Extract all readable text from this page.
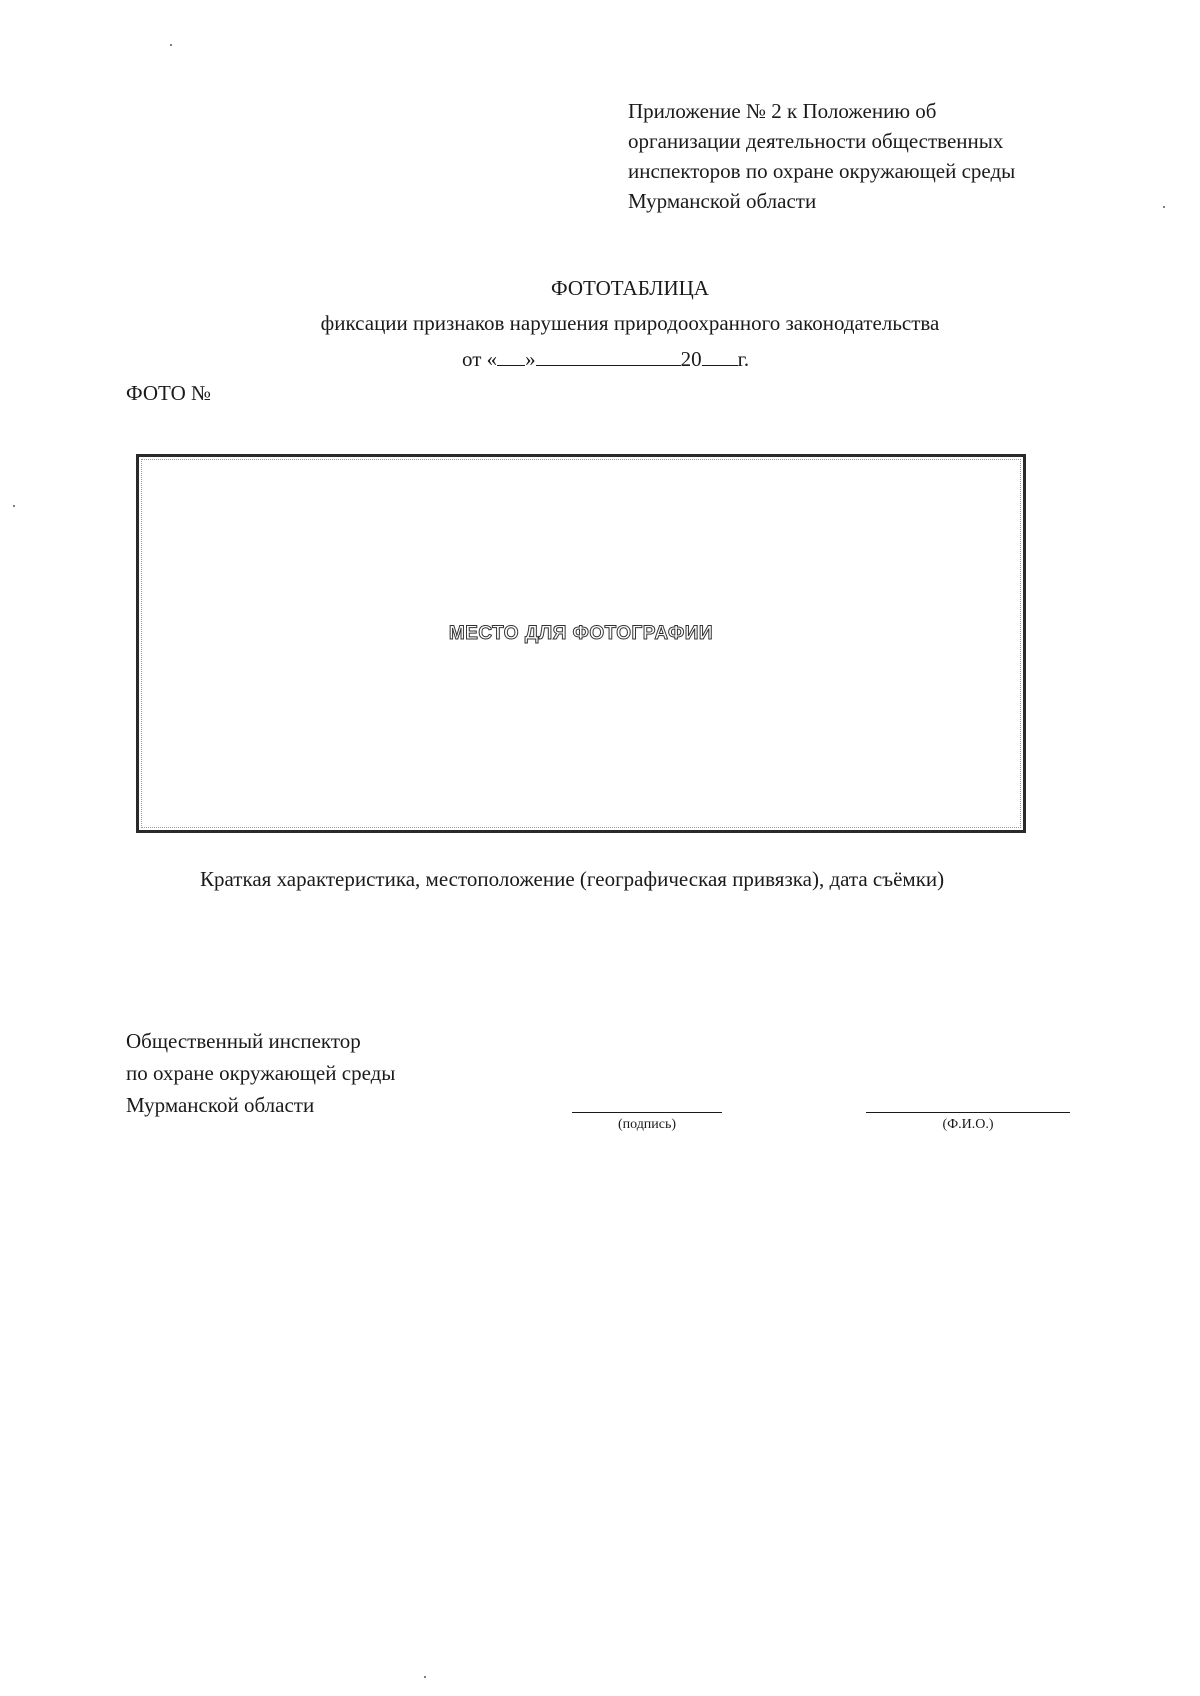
Приложение № 2 к Положению об
организации деятельности общественных
инспекторов по охране окружающей среды
Мурманской области
ФОТОТАБЛИЦА
фиксации признаков нарушения природоохранного законодательства
от « »	20 г.
ФОТО №
МЕСТО ДЛЯ ФОТОГРАФИИ
Краткая характеристика, местоположение (географическая привязка), дата съёмки)
Общественный инспектор
по охране окружающей среды
Мурманской области
(подпись)	(Ф.И.О.)
